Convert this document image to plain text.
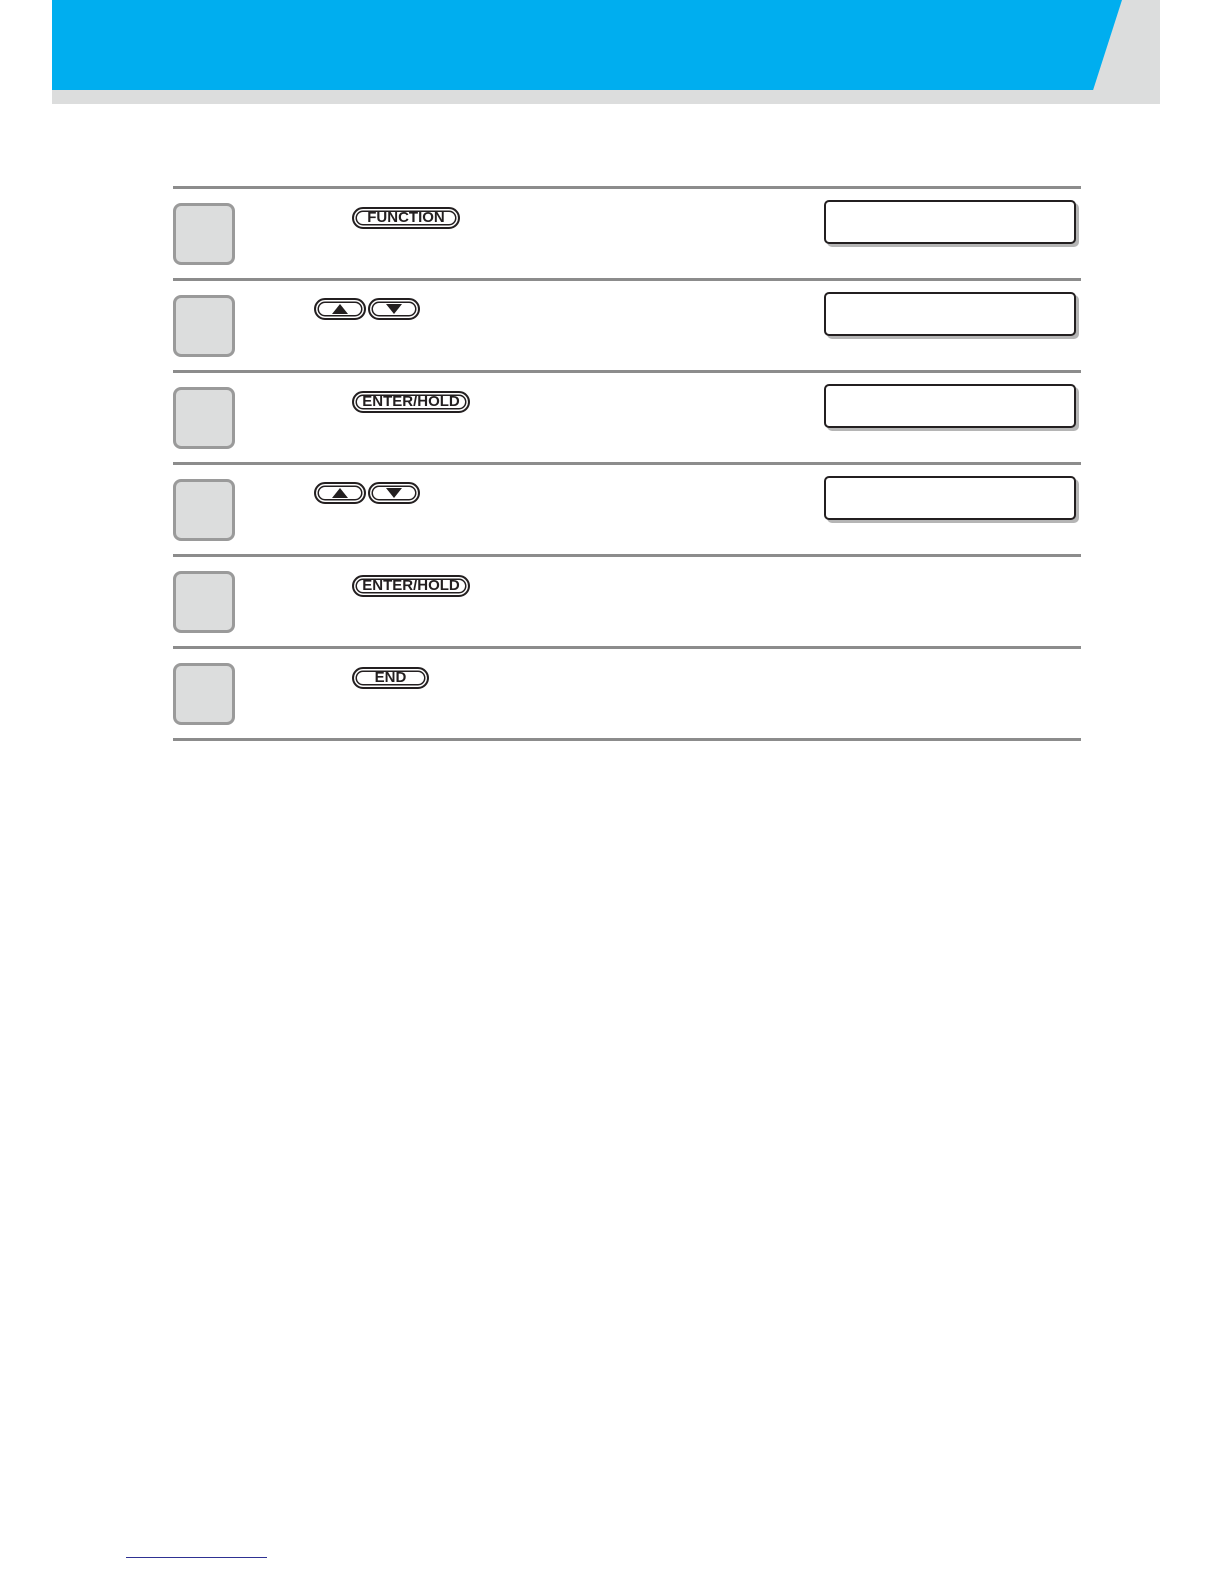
FUNCTION
ENTER/HOLD
ENTER/HOLD
END
